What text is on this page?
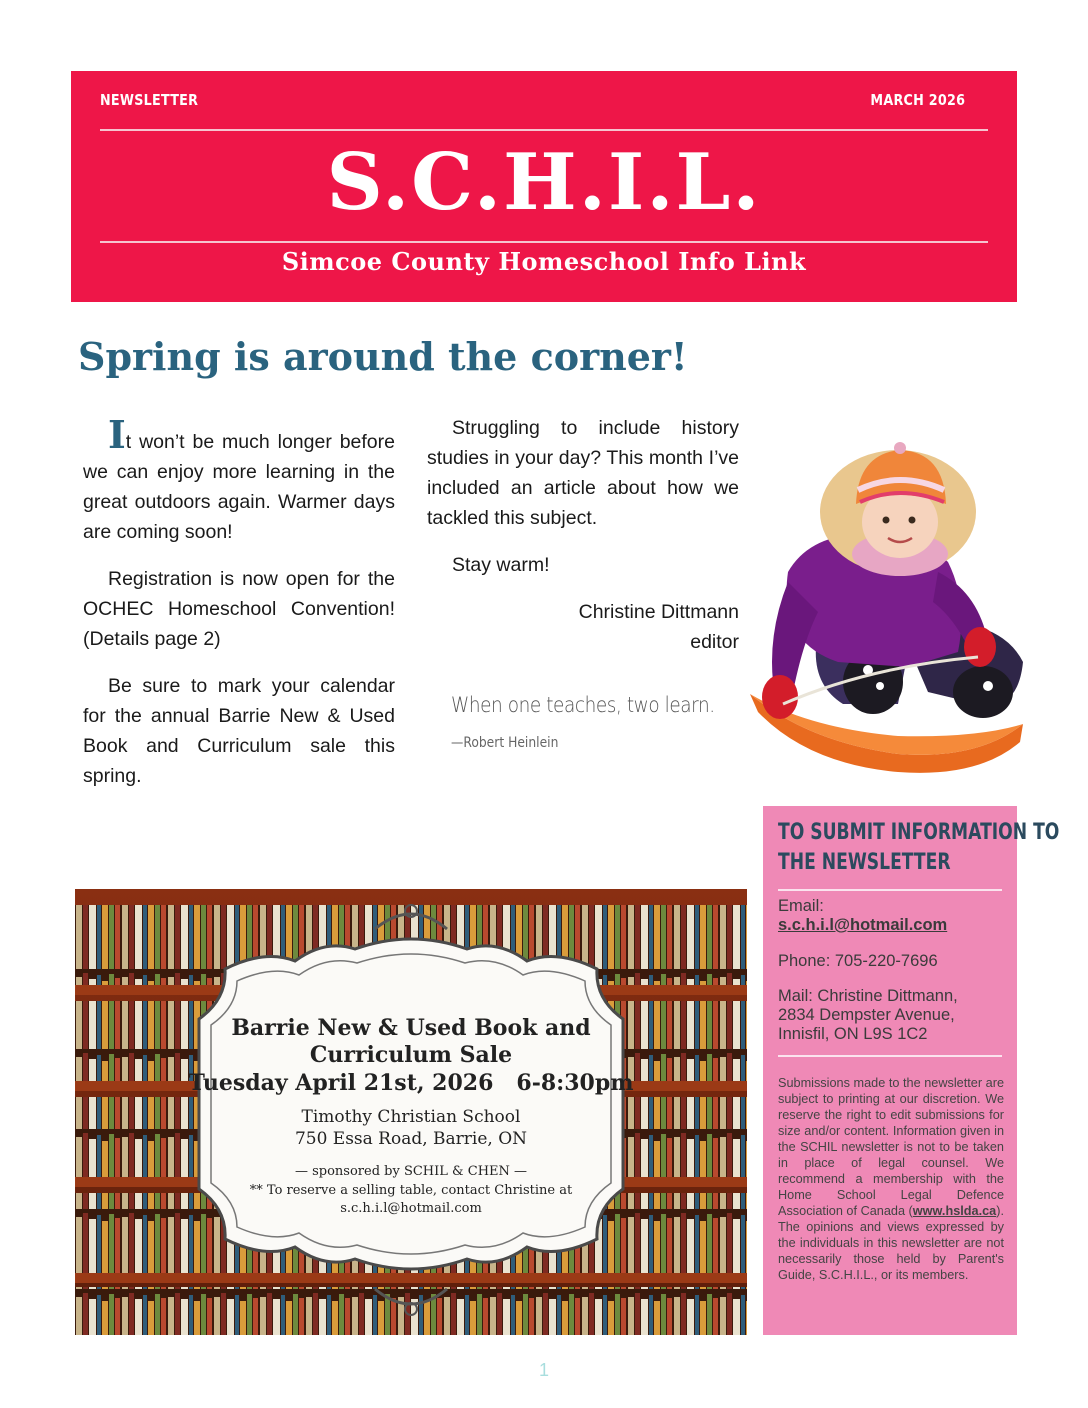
NEWSLETTER	MARCH 2026
S.C.H.I.L.
Simcoe County Homeschool Info Link
Spring is around the corner!

It won’t be much longer before we can enjoy more learning in the great outdoors again. Warmer days are coming soon!

Registration is now open for the OCHEC Homeschool Convention! (Details page 2)

Be sure to mark your calendar for the annual Barrie New & Used Book and Curriculum sale this spring.

Struggling to include history studies in your day? This month I’ve included an article about how we tackled this subject.

Stay warm!

Christine Dittmann

editor

When one teaches, two learn.
—Robert Heinlein
TO SUBMIT INFORMATION TO
THE NEWSLETTER
Email:
s.c.h.i.l@hotmail.com
Phone: 705-220-7696
Mail: Christine Dittmann,
2834 Dempster Avenue,
Innisfil, ON L9S 1C2
Submissions made to the newsletter are subject to printing at our discretion. We reserve the right to edit submissions for size and/or content. Information given in the SCHIL newsletter is not to be taken in place of legal counsel. We recommend a membership with the Home School Legal Defence Association of Canada (www.hslda.ca). The opinions and views expressed by the individuals in this newsletter are not necessarily those held by Parent's Guide, S.C.H.I.L., or its members.
Barrie New & Used Book and
Curriculum Sale
Tuesday April 21st, 2026   6-8:30pm
Timothy Christian School
750 Essa Road, Barrie, ON
— sponsored by SCHIL & CHEN —
** To reserve a selling table, contact Christine at
s.c.h.i.l@hotmail.com
1
